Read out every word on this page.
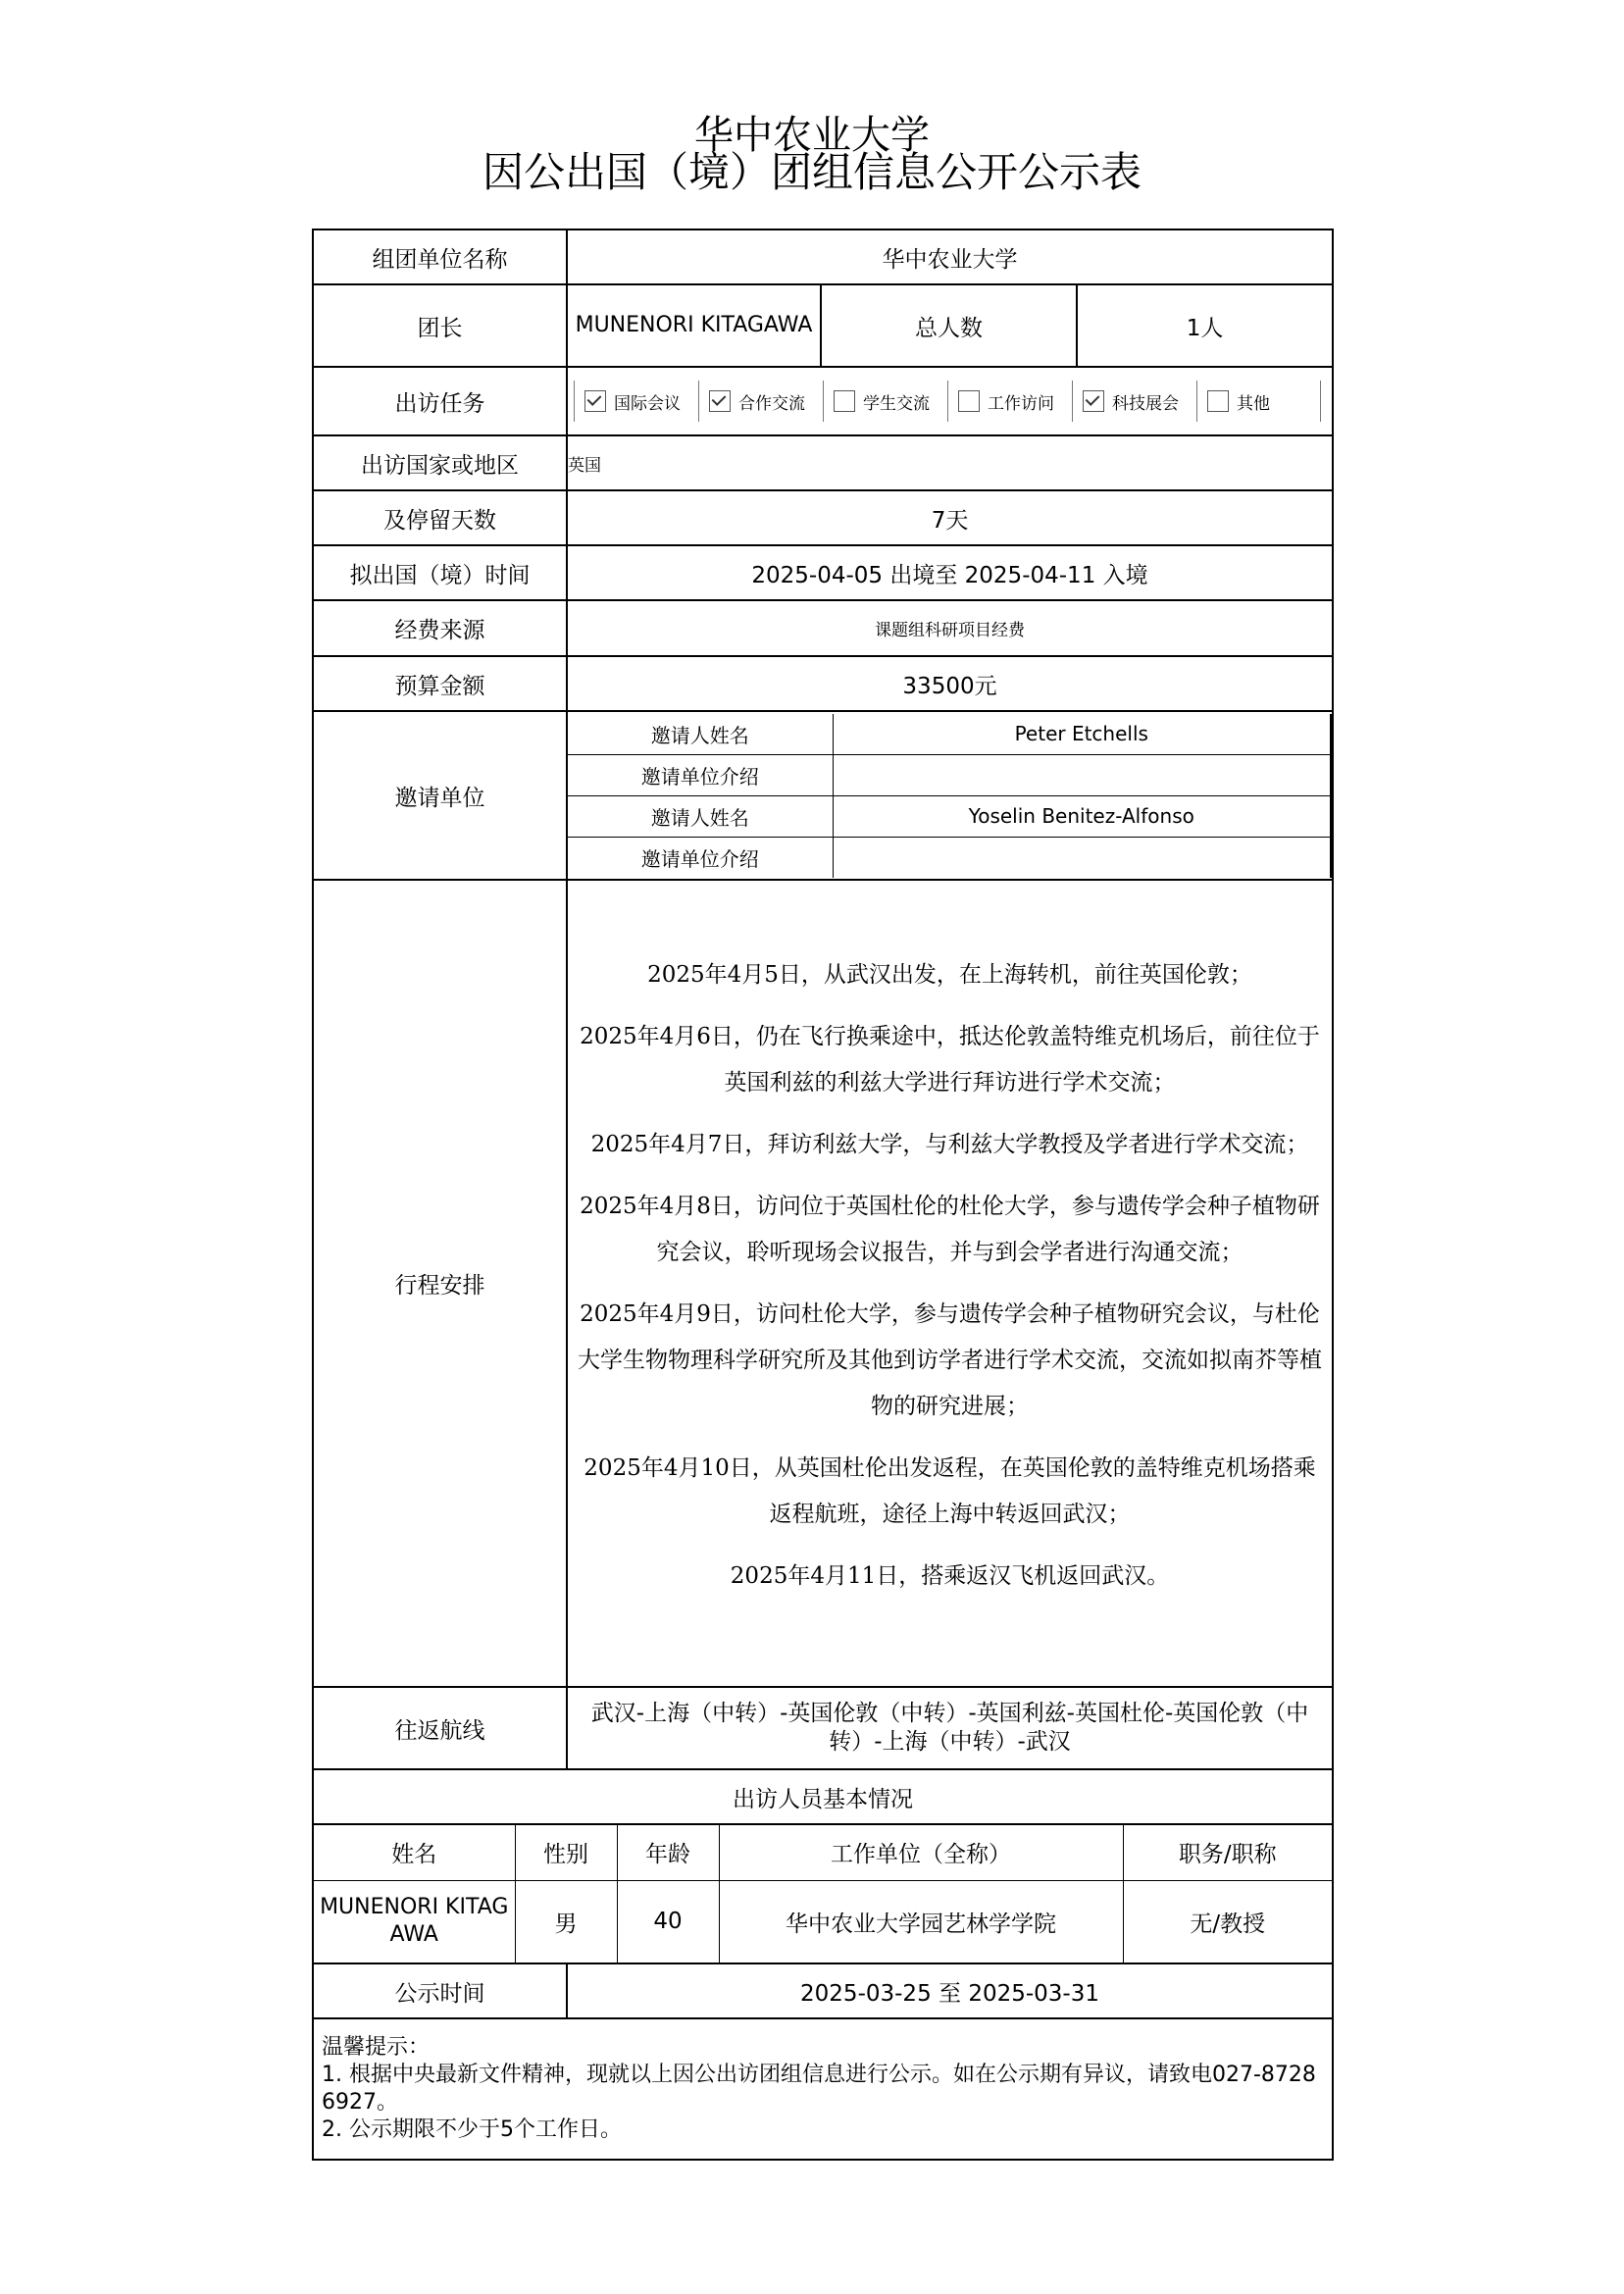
华中农业大学
因公出国（境）团组信息公开公示表
组团单位名称	华中农业大学
团长	MUNENORI KITAGAWA	总人数	1人
出访任务	国际会议	合作交流	学生交流	工作访问	科技展会	其他

出访国家或地区	英国
及停留天数	7天
拟出国（境）时间	2025-04-05 出境至 2025-04-11 入境
经费来源	课题组科研项目经费
预算金额	33500元
邀请单位	
邀请人姓名	Peter Etchells
邀请单位介绍	
邀请人姓名	Yoselin Benitez-Alfonso
邀请单位介绍	

行程安排	

2025年4月5日，从武汉出发，在上海转机，前往英国伦敦；

2025年4月6日，仍在飞行换乘途中，抵达伦敦盖特维克机场后，前往位于英国利兹的利兹大学进行拜访进行学术交流；

2025年4月7日，拜访利兹大学，与利兹大学教授及学者进行学术交流；

2025年4月8日，访问位于英国杜伦的杜伦大学，参与遗传学会种子植物研究会议，聆听现场会议报告，并与到会学者进行沟通交流；

2025年4月9日，访问杜伦大学，参与遗传学会种子植物研究会议，与杜伦大学生物物理科学研究所及其他到访学者进行学术交流，交流如拟南芥等植物的研究进展；

2025年4月10日，从英国杜伦出发返程，在英国伦敦的盖特维克机场搭乘返程航班，途径上海中转返回武汉；

2025年4月11日，搭乘返汉飞机返回武汉。

往返航线	武汉-上海（中转）-英国伦敦（中转）-英国利兹-英国杜伦-英国伦敦（中转）-上海（中转）-武汉
出访人员基本情况

姓名	性别	年龄	工作单位（全称）	职务/职称
MUNENORI KITAGAWA	男	40	华中农业大学园艺林学学院	无/教授

公示时间	2025-03-25 至 2025-03-31

温馨提示：
1. 根据中央最新文件精神，现就以上因公出访团组信息进行公示。如在公示期有异议，请致电027-87286927。
2. 公示期限不少于5个工作日。
